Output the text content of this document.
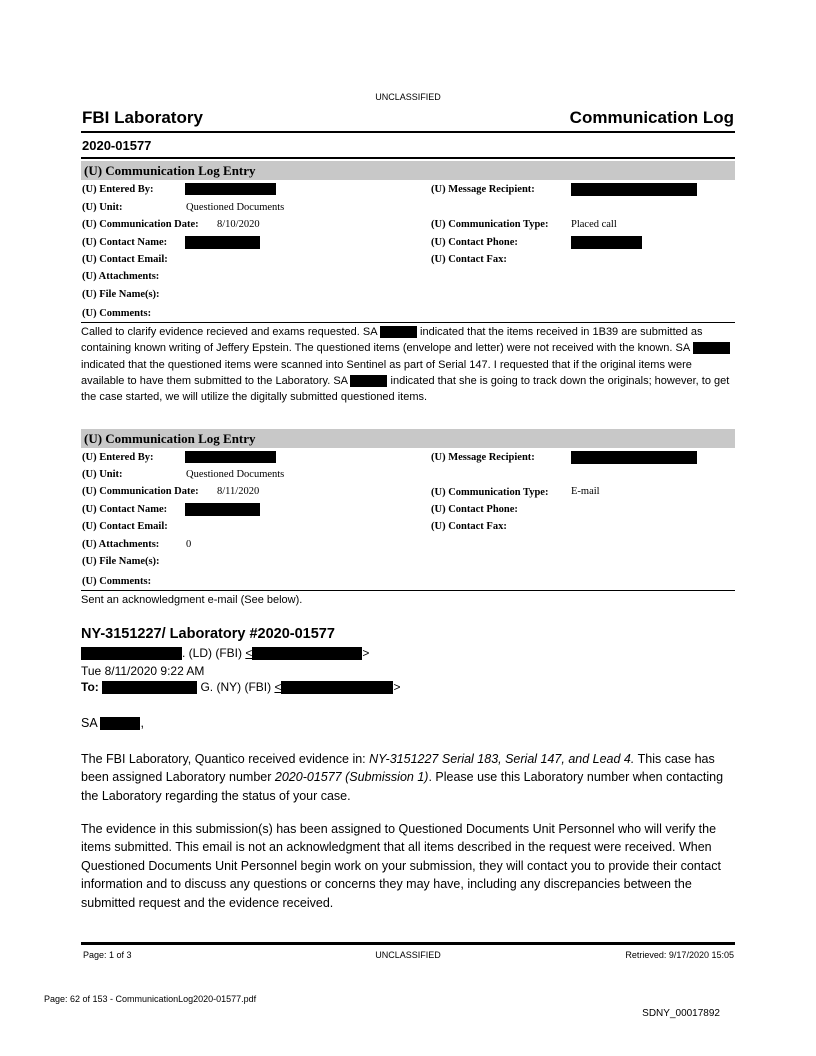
UNCLASSIFIED
FBI Laboratory	Communication Log
2020-01577
(U) Communication Log Entry
(U) Entered By:	(U) Message Recipient:
(U) Unit:	Questioned Documents
(U) Communication Date: 8/10/2020	(U) Communication Type: Placed call
(U) Contact Name:	(U) Contact Phone:
(U) Contact Email:	(U) Contact Fax:
(U) Attachments:
(U) File Name(s):
(U) Comments:
Called to clarify evidence recieved and exams requested. SA	indicated that the items received in 1B39 are submitted as containing known writing of Jeffery Epstein. The questioned items (envelope and letter) were not received with the known. SA  indicated that the questioned items were scanned into Sentinel as part of Serial 147. I requested that if the original items were available to have them submitted to the Laboratory. SA	indicated that she is going to track down the originals; however, to get the case started, we will utilize the digitally submitted questioned items.
(U) Communication Log Entry
(U) Entered By:	(U) Message Recipient:
(U) Unit:	Questioned Documents
(U) Communication Date: 8/11/2020	(U) Communication Type: E-mail
(U) Contact Name:	(U) Contact Phone:
(U) Contact Email:	(U) Contact Fax:
(U) Attachments:	0
(U) File Name(s):
(U) Comments:
Sent an acknowledgment e-mail (See below).
NY-3151227/ Laboratory #2020-01577
. (LD) (FBI) <	>
Tue 8/11/2020 9:22 AM
To:	G. (NY) (FBI) <	>
SA	,
The FBI Laboratory, Quantico received evidence in: NY-3151227 Serial 183, Serial 147, and Lead 4. This case has been assigned Laboratory number 2020-01577 (Submission 1). Please use this Laboratory number when contacting the Laboratory regarding the status of your case.
The evidence in this submission(s) has been assigned to Questioned Documents Unit Personnel who will verify the items submitted. This email is not an acknowledgment that all items described in the request were received. When Questioned Documents Unit Personnel begin work on your submission, they will contact you to provide their contact information and to discuss any questions or concerns they may have, including any discrepancies between the submitted request and the evidence received.
Page: 1 of 3	UNCLASSIFIED	Retrieved: 9/17/2020 15:05
Page: 62 of 153 - CommunicationLog2020-01577.pdf
SDNY_00017892
